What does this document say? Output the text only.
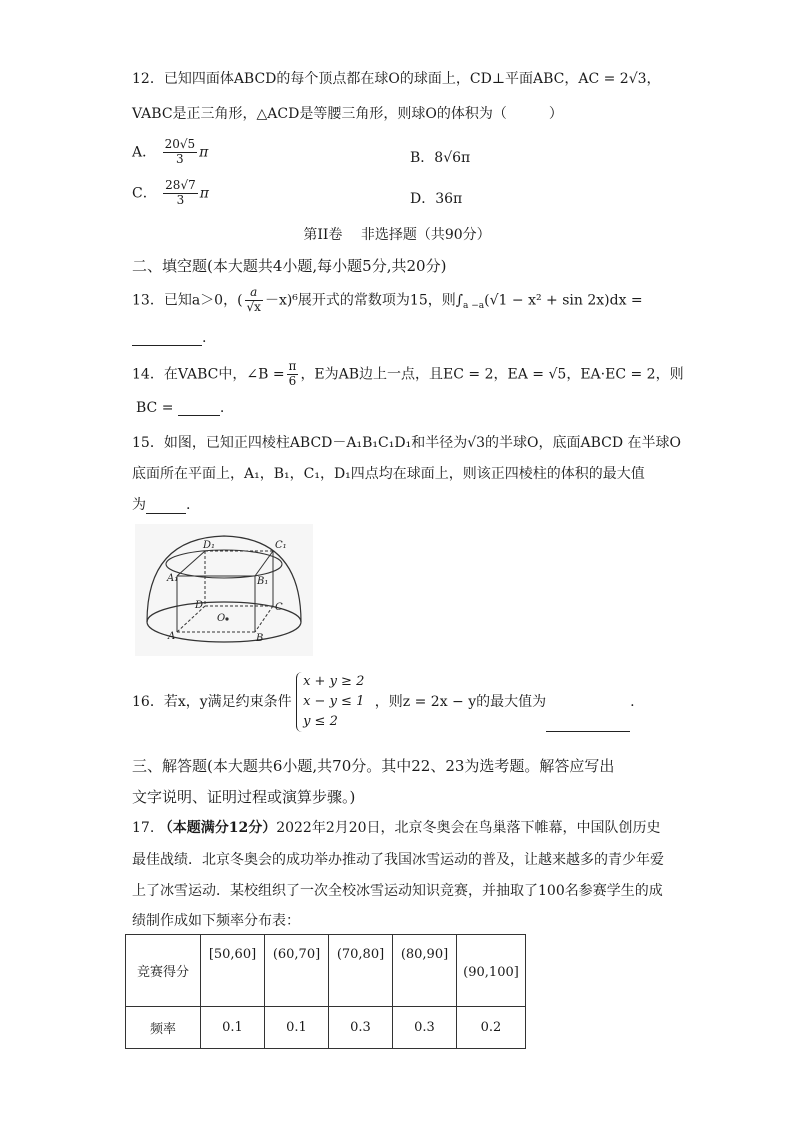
12．已知四面体ABCD的每个顶点都在球O的球面上，CD⊥平面ABC，AC = 2√3，
VABC是正三角形，△ACD是等腰三角形，则球O的体积为（　　　）
A． $\frac{20√5}{3}$ π	B．8√6π
C． $\frac{28√7}{3}$ π	D．36π
第II卷　 非选择题（共90分）
二、填空题(本大题共4小题,每小题5分,共20分)
13．已知a＞0，( $\frac{a}{√x} -x)^6$展开式的常数项为15，则$\int_{a -a}(√1 - x^2 + \sin 2x)dx$ =
.
14．在VABC中，∠B = $\frac{\pi}{6}$ ，E为AB边上一点，且EC = 2，EA = √5，EA·EC = 2，则
BC =	.
15．如图，已知正四棱柱ABCD－A₁B₁C₁D₁和半径为√3的半球O，底面ABCD 在半球O
底面所在平面上，A₁，B₁，C₁，D₁四点均在球面上，则该正四棱柱的体积的最大值
为	.
D₁	C₁
A₁	B₁
D	C
O
A	B
16．若x，y满足约束条件
x + y ≥ 2
x − y ≤ 1
y ≤ 2
，则z = 2x − y的最大值为	.
三、解答题(本大题共6小题,共70分。其中22、23为选考题。解答应写出
文字说明、证明过程或演算步骤。)
17. （本题满分12分）2022年2月20日，北京冬奥会在鸟巢落下帷幕，中国队创历史
最佳战绩．北京冬奥会的成功举办推动了我国冰雪运动的普及，让越来越多的青少年爱
上了冰雪运动．某校组织了一次全校冰雪运动知识竞赛，并抽取了100名参赛学生的成
绩制作成如下频率分布表：
竞赛得分	[50,60]	(60,70]	(70,80]	(80,90]	(90,100]
频率	0.1	0.1	0.3	0.3	0.2
